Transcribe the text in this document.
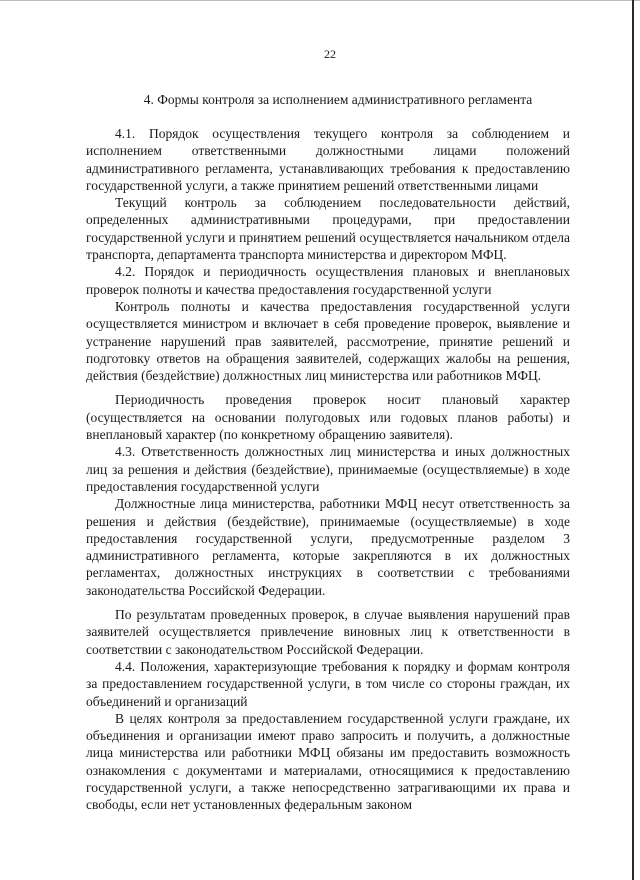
22
4. Формы контроля за исполнением административного регламента

4.1. Порядок осуществления текущего контроля за соблюдением и исполнением ответственными должностными лицами положений административного регламента, устанавливающих требования к предоставлению государственной услуги, а также принятием решений ответственными лицами

Текущий контроль за соблюдением последовательности действий, определенных административными процедурами, при предоставлении государственной услуги и принятием решений осуществляется начальником отдела транспорта, департамента транспорта министерства и директором МФЦ.

4.2. Порядок и периодичность осуществления плановых и внеплановых проверок полноты и качества предоставления государственной услуги

Контроль полноты и качества предоставления государственной услуги осуществляется министром и включает в себя проведение проверок, выявление и устранение нарушений прав заявителей, рассмотрение, принятие решений и подготовку ответов на обращения заявителей, содержащих жалобы на решения, действия (бездействие) должностных лиц министерства или работников МФЦ.

Периодичность проведения проверок носит плановый характер (осуществляется на основании полугодовых или годовых планов работы) и внеплановый характер (по конкретному обращению заявителя).

4.3. Ответственность должностных лиц министерства и иных должностных лиц за решения и действия (бездействие), принимаемые (осуществляемые) в ходе предоставления государственной услуги

Должностные лица министерства, работники МФЦ несут ответственность за решения и действия (бездействие), принимаемые (осуществляемые) в ходе предоставления государственной услуги, предусмотренные разделом 3 административного регламента, которые закрепляются в их должностных регламентах, должностных инструкциях в соответствии с требованиями законодательства Российской Федерации.

По результатам проведенных проверок, в случае выявления нарушений прав заявителей осуществляется привлечение виновных лиц к ответственности в соответствии с законодательством Российской Федерации.

4.4. Положения, характеризующие требования к порядку и формам контроля за предоставлением государственной услуги, в том числе со стороны граждан, их объединений и организаций

В целях контроля за предоставлением государственной услуги граждане, их объединения и организации имеют право запросить и получить, а должностные лица министерства или работники МФЦ обязаны им предоставить возможность ознакомления с документами и материалами, относящимися к предоставлению государственной услуги, а также непосредственно затрагивающими их права и свободы, если нет установленных федеральным законом
